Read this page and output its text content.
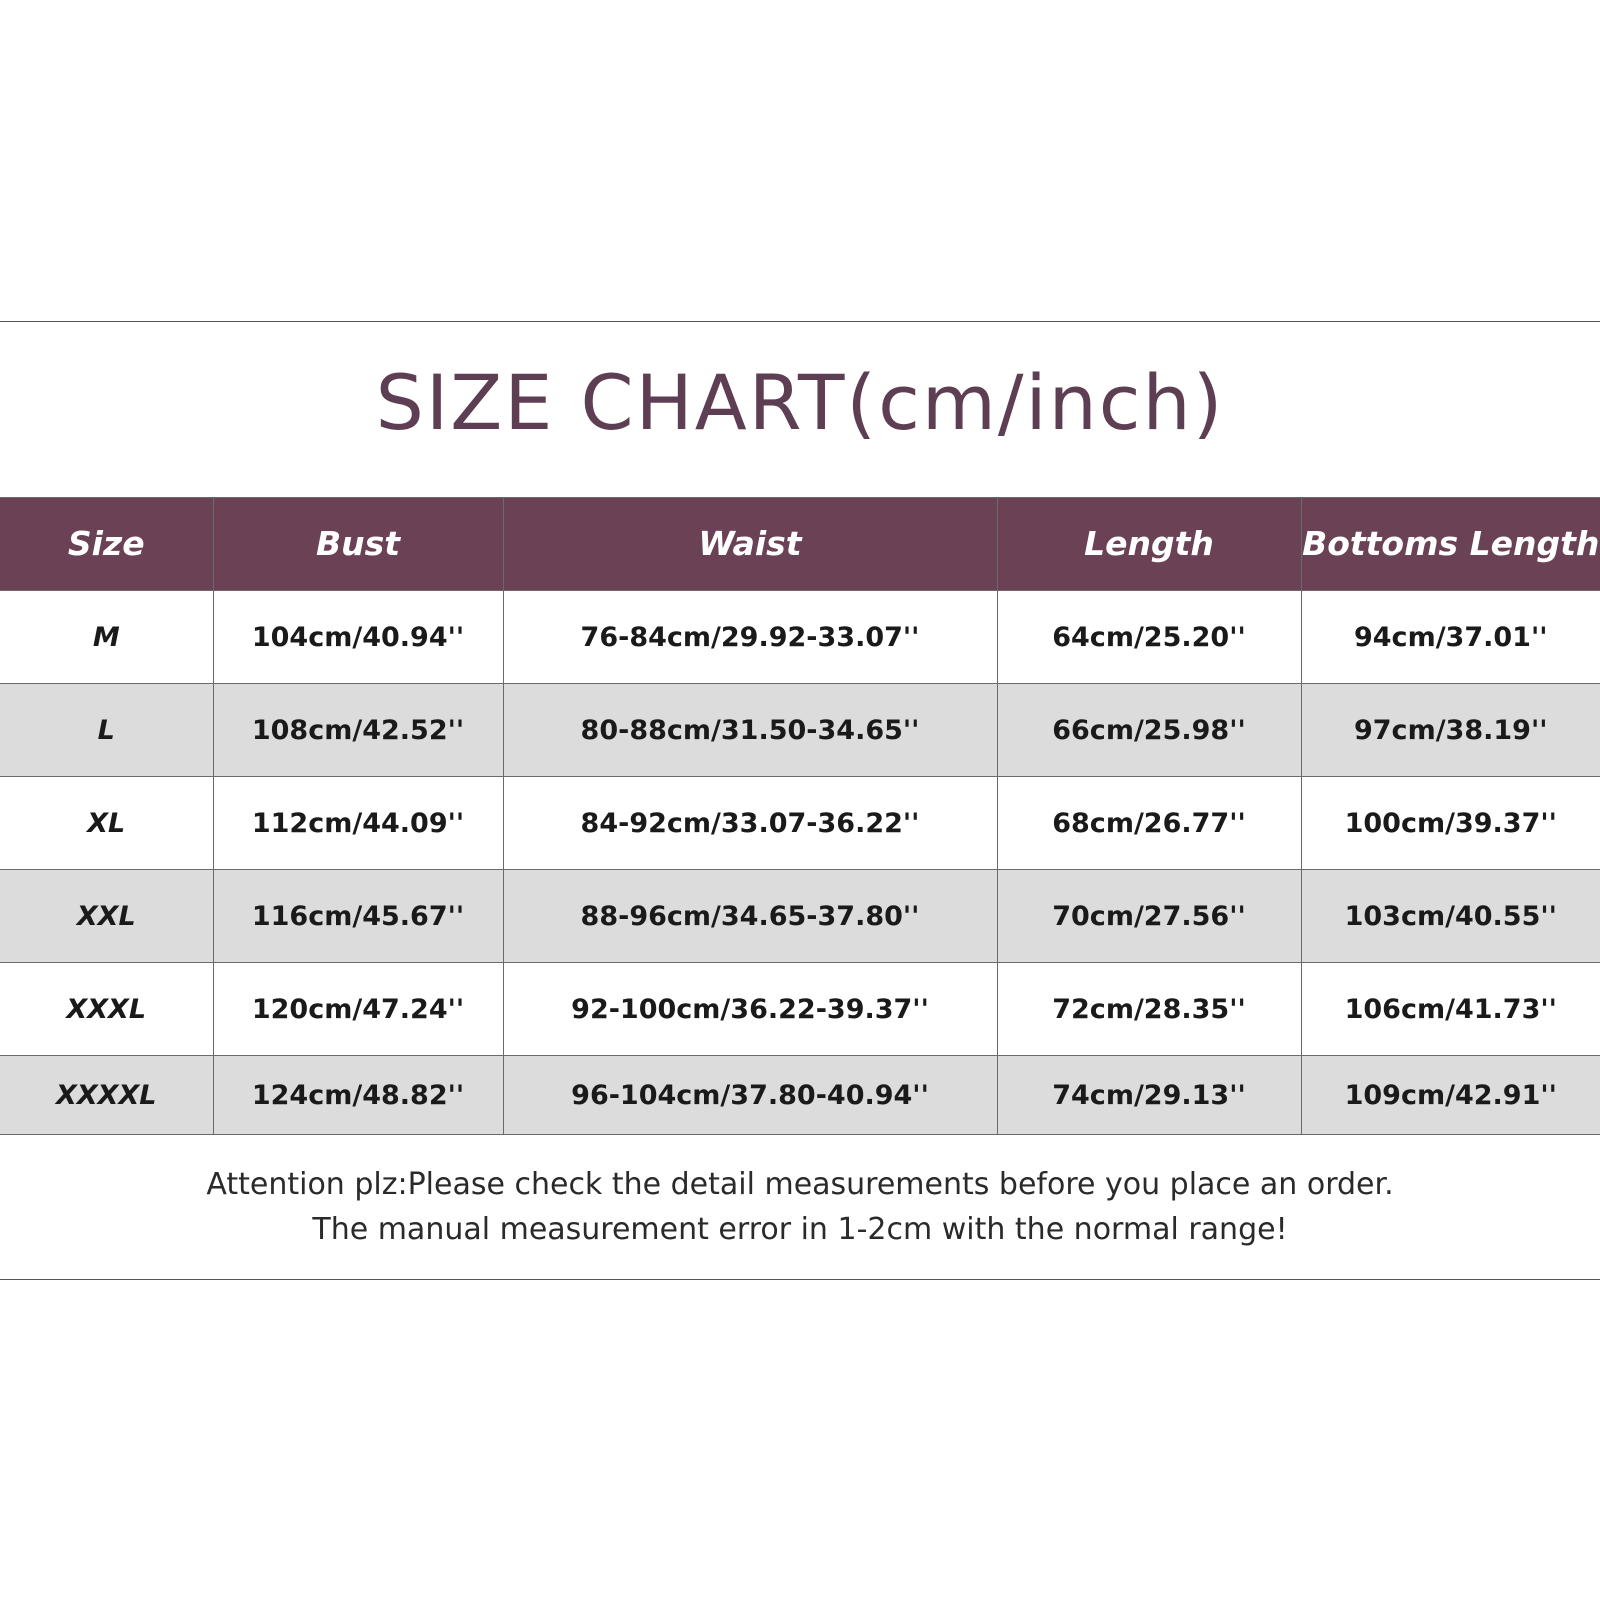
SIZE CHART(cm/inch)
Size	Bust	Waist	Length	Bottoms Length
M	104cm/40.94''	76-84cm/29.92-33.07''	64cm/25.20''	94cm/37.01''
L	108cm/42.52''	80-88cm/31.50-34.65''	66cm/25.98''	97cm/38.19''
XL	112cm/44.09''	84-92cm/33.07-36.22''	68cm/26.77''	100cm/39.37''
XXL	116cm/45.67''	88-96cm/34.65-37.80''	70cm/27.56''	103cm/40.55''
XXXL	120cm/47.24''	92-100cm/36.22-39.37''	72cm/28.35''	106cm/41.73''
XXXXL	124cm/48.82''	96-104cm/37.80-40.94''	74cm/29.13''	109cm/42.91''
Attention plz:Please check the detail measurements before you place an order.
The manual measurement error in 1-2cm with the normal range!
